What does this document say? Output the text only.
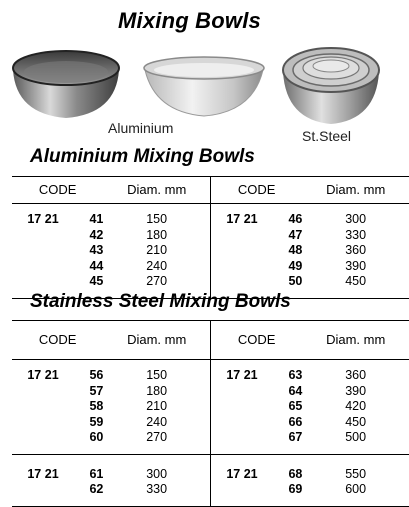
Mixing Bowls
Aluminium	St.Steel
Aluminium Mixing Bowls
CODE	Diam. mm	CODE	Diam. mm

17 21 41	150	17 21 46	300
42	180	47	330
43	210	48	360
44	240	49	390
45	270	50	450

Stainless Steel Mixing Bowls
CODE	Diam. mm	CODE	Diam. mm

17 21 56	150	17 21 63	360
57	180	64	390
58	210	65	420
59	240	66	450
60	270	67	500

17 21 61	300	17 21 68	550
62	330	69	600
